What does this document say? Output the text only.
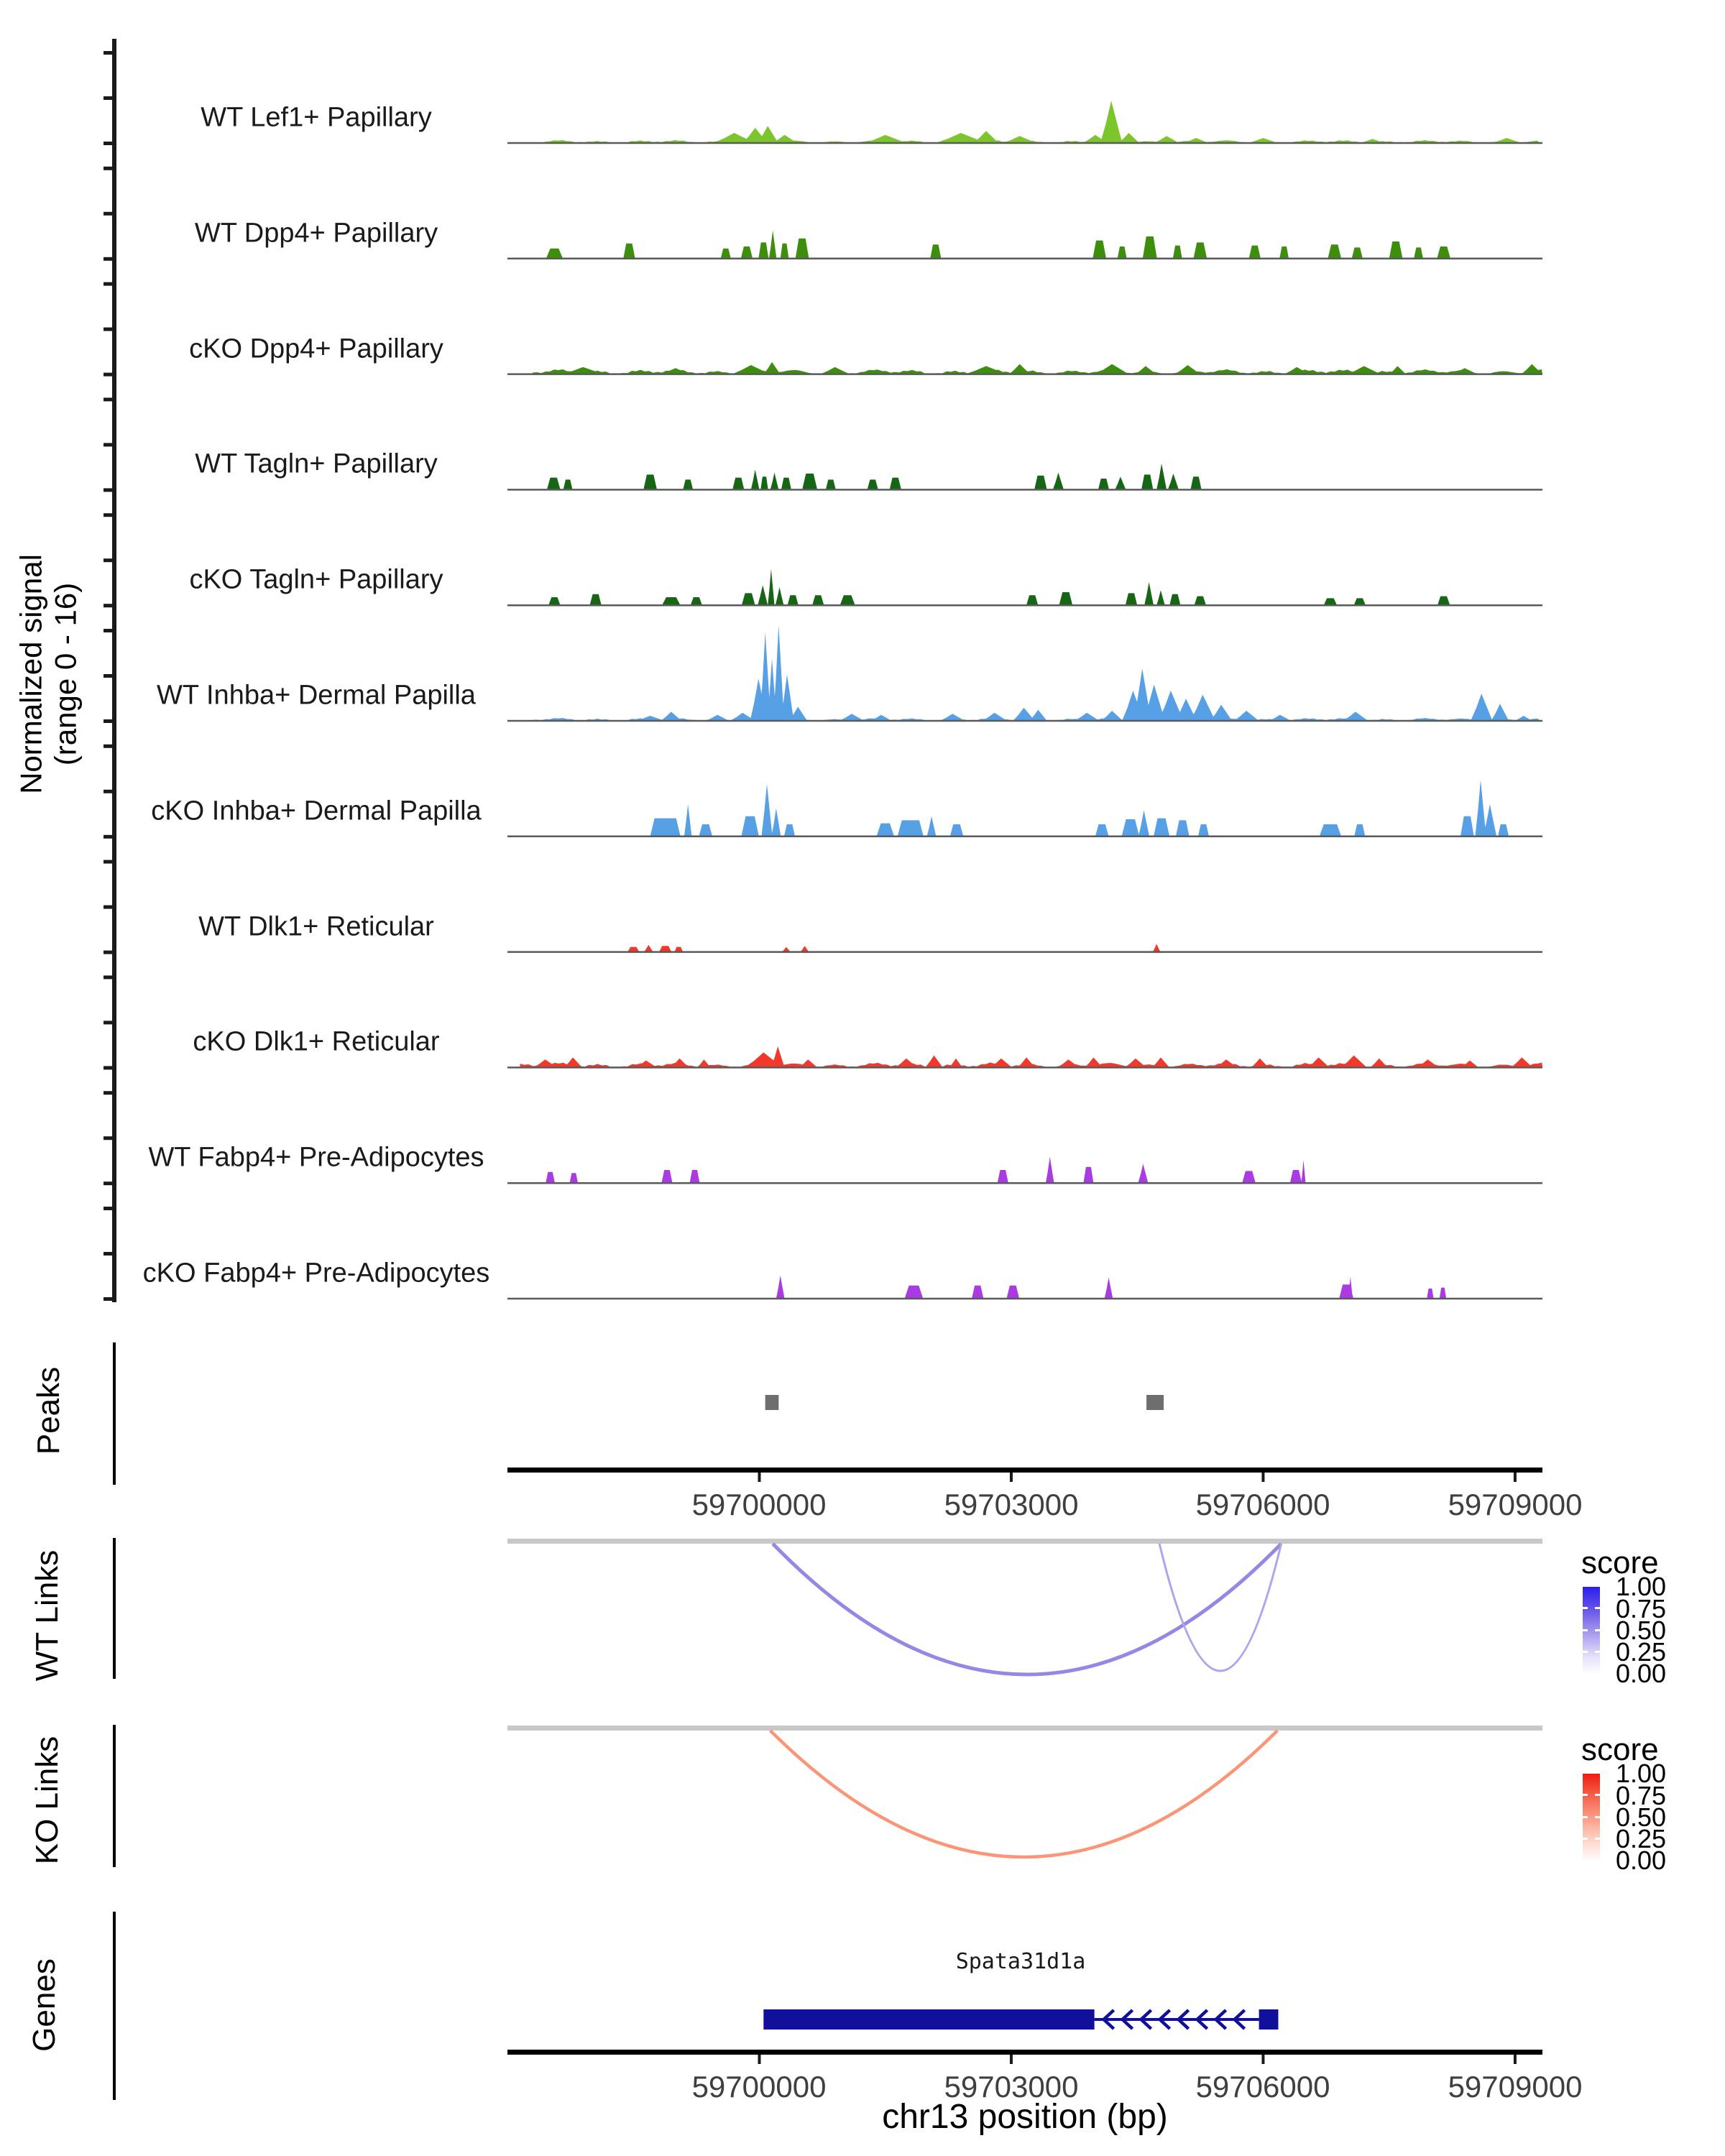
Normalized signal (range 0 - 16)
Peaks
WT Links
KO Links
Genes	Spata31d1a
chr13 position (bp)
score
1.00
0.75
0.50
0.25
0.00
score
1.00
0.75
0.50
0.25
0.00
WT Lef1+ Papillary
WT Dpp4+ Papillary
cKO Dpp4+ Papillary
WT Tagln+ Papillary
cKO Tagln+ Papillary
WT Inhba+ Dermal Papilla
cKO Inhba+ Dermal Papilla
WT Dlk1+ Reticular
cKO Dlk1+ Reticular
WT Fabp4+ Pre-Adipocytes
cKO Fabp4+ Pre-Adipocytes
59700000	59703000	59706000	59709000
59700000	59703000	59706000	59709000
